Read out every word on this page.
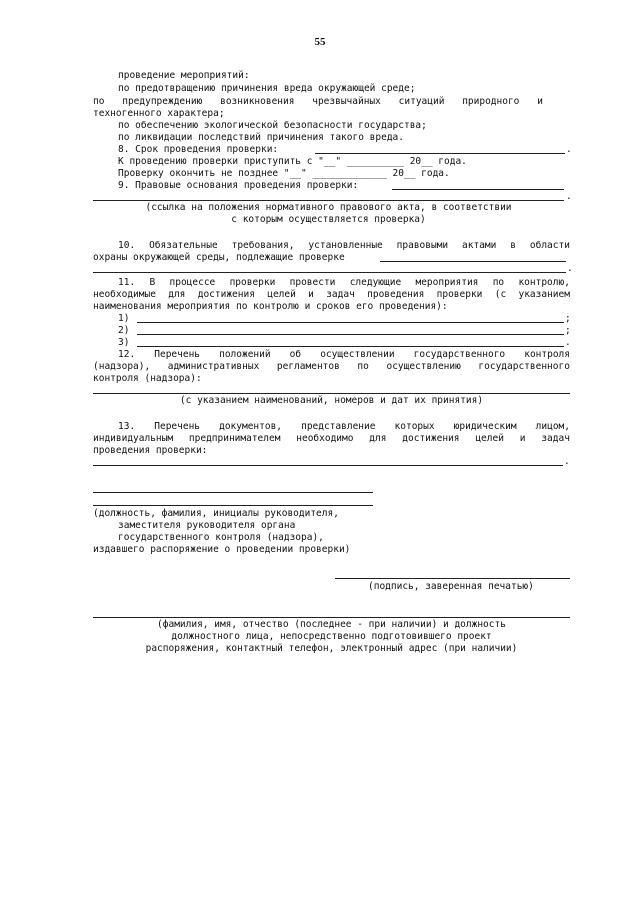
55
проведение мероприятий:
по предотвращению причинения вреда окружающей среде;
по предупреждению возникновения чрезвычайных ситуаций природного и
техногенного характера;
по обеспечению экологической безопасности государства;
по ликвидации последствий причинения такого вреда.
8. Срок проведения проверки:	.
К проведению проверки приступить с "__" __________ 20__ года.
Проверку окончить не позднее "__" _____________ 20__ года.
9. Правовые основания проведения проверки:
.
(ссылка на положения нормативного правового акта, в соответствии
с которым осуществляется проверка)
10. Обязательные требования, установленные правовыми актами в области
охраны окружающей среды, подлежащие проверке
.
11. В процессе проверки провести следующие мероприятия по контролю,
необходимые для достижения целей и задач проведения проверки (с указанием
наименования мероприятия по контролю и сроков его проведения):
1)	;
2)	;
3)	.
12. Перечень положений об осуществлении государственного контроля
(надзора), административных регламентов по осуществлению государственного
контроля (надзора):
(с указанием наименований, номеров и дат их принятия)
13. Перечень документов, представление которых юридическим лицом,
индивидуальным предпринимателем необходимо для достижения целей и задач
проведения проверки:
.
(должность, фамилия, инициалы руководителя,
заместителя руководителя органа
государственного контроля (надзора),
издавшего распоряжение о проведении проверки)
(подпись, заверенная печатью)
(фамилия, имя, отчество (последнее - при наличии) и должность
должностного лица, непосредственно подготовившего проект
распоряжения, контактный телефон, электронный адрес (при наличии)
